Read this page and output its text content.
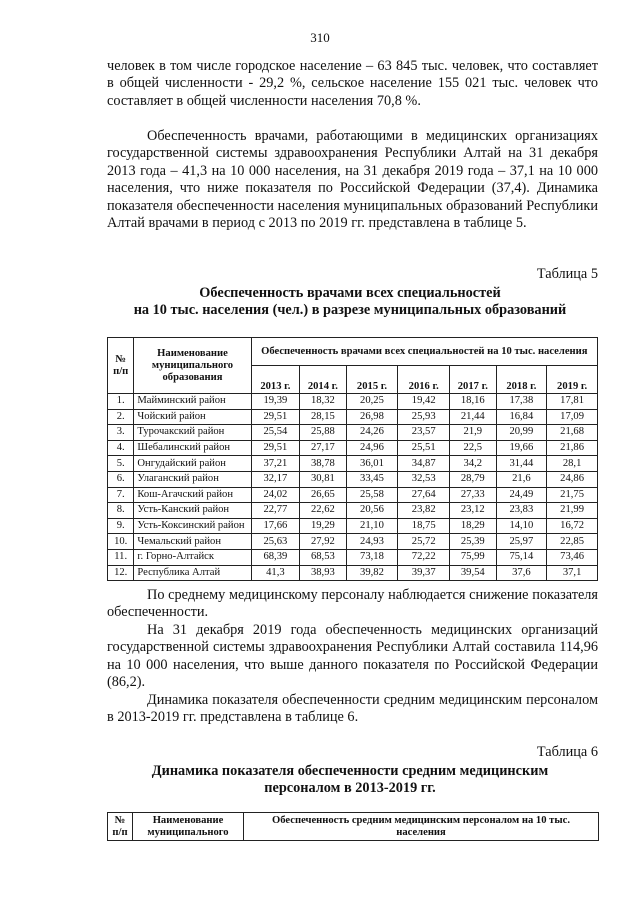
310

человек в том числе городское население – 63 845 тыс. человек, что составляет в общей численности - 29,2 %, сельское население 155 021 тыс. человек что составляет в общей численности населения 70,8 %.

Обеспеченность врачами, работающими в медицинских организациях государственной системы здравоохранения Республики Алтай на 31 декабря 2013 года – 41,3 на 10 000 населения, на 31 декабря 2019 года – 37,1 на 10 000 населения, что ниже показателя по Российской Федерации (37,4). Динамика показателя обеспеченности населения муниципальных образований Республики Алтай врачами в период с 2013 по 2019 гг. представлена в таблице 5.

Таблица 5

Обеспеченность врачами всех специальностей
на 10 тыс. населения (чел.) в разрезе муниципальных образований

№ п/п	Наименование муниципального образования	Обеспеченность врачами всех специальностей на 10 тыс. населения						
		2013 г.	2014 г.	2015 г.	2016 г.	2017 г.	2018 г.	2019 г.
1.	Майминский район	19,39	18,32	20,25	19,42	18,16	17,38	17,81
2.	Чойский район	29,51	28,15	26,98	25,93	21,44	16,84	17,09
3.	Турочакский район	25,54	25,88	24,26	23,57	21,9	20,99	21,68
4.	Шебалинский район	29,51	27,17	24,96	25,51	22,5	19,66	21,86
5.	Онгудайский район	37,21	38,78	36,01	34,87	34,2	31,44	28,1
6.	Улаганский район	32,17	30,81	33,45	32,53	28,79	21,6	24,86
7.	Кош-Агачский район	24,02	26,65	25,58	27,64	27,33	24,49	21,75
8.	Усть-Канский район	22,77	22,62	20,56	23,82	23,12	23,83	21,99
9.	Усть-Коксинский район	17,66	19,29	21,10	18,75	18,29	14,10	16,72
10.	Чемальский район	25,63	27,92	24,93	25,72	25,39	25,97	22,85
11.	г. Горно-Алтайск	68,39	68,53	73,18	72,22	75,99	75,14	73,46
12.	Республика Алтай	41,3	38,93	39,82	39,37	39,54	37,6	37,1

По среднему медицинскому персоналу наблюдается снижение показателя обеспеченности.

На 31 декабря 2019 года обеспеченность медицинских организаций государственной системы здравоохранения Республики Алтай составила 114,96 на 10 000 населения, что выше данного показателя по Российской Федерации (86,2).

Динамика показателя обеспеченности средним медицинским персоналом в 2013-2019 гг. представлена в таблице 6.

Таблица 6

Динамика показателя обеспеченности средним медицинским
персоналом в 2013-2019 гг.

№ п/п	Наименование муниципального	Обеспеченность средним медицинским персоналом на 10 тыс. населения
